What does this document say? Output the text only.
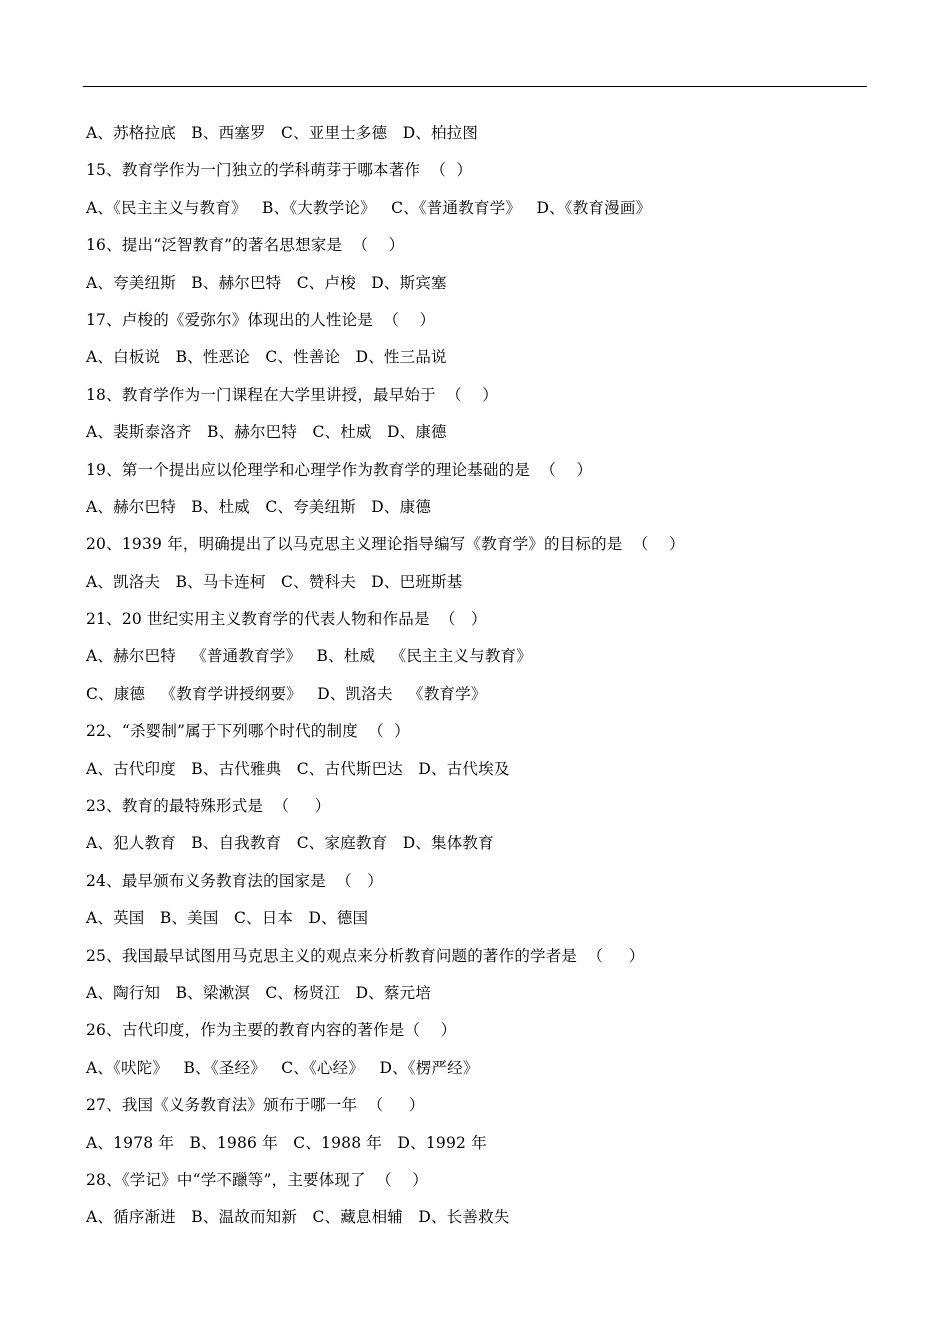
A、苏格拉底   B、西塞罗   C、亚里士多德   D、柏拉图
15、教育学作为一门独立的学科萌芽于哪本著作  （  ）
A、《民主主义与教育》   B、《大教学论》   C、《普通教育学》   D、《教育漫画》
16、提出“泛智教育”的著名思想家是  （    ）
A、夸美纽斯   B、赫尔巴特   C、卢梭   D、斯宾塞
17、卢梭的《爱弥尔》体现出的人性论是  （    ）
A、白板说   B、性恶论   C、性善论   D、性三品说
18、教育学作为一门课程在大学里讲授，最早始于  （    ）
A、裴斯泰洛齐   B、赫尔巴特   C、杜威   D、康德
19、第一个提出应以伦理学和心理学作为教育学的理论基础的是  （    ）
A、赫尔巴特   B、杜威   C、夸美纽斯   D、康德
20、1939 年，明确提出了以马克思主义理论指导编写《教育学》的目标的是  （    ）
A、凯洛夫   B、马卡连柯   C、赞科夫   D、巴班斯基
21、20 世纪实用主义教育学的代表人物和作品是  （   ）
A、赫尔巴特   《普通教育学》   B、杜威   《民主主义与教育》
C、康德   《教育学讲授纲要》   D、凯洛夫   《教育学》
22、“杀婴制”属于下列哪个时代的制度  （  ）
A、古代印度   B、古代雅典   C、古代斯巴达   D、古代埃及
23、教育的最特殊形式是  （     ）
A、犯人教育   B、自我教育   C、家庭教育   D、集体教育
24、最早颁布义务教育法的国家是  （   ）
A、英国   B、美国   C、日本   D、德国
25、我国最早试图用马克思主义的观点来分析教育问题的著作的学者是  （     ）
A、陶行知   B、梁漱溟   C、杨贤江   D、蔡元培
26、古代印度，作为主要的教育内容的著作是（    ）
A、《吠陀》   B、《圣经》   C、《心经》   D、《楞严经》
27、我国《义务教育法》颁布于哪一年  （     ）
A、1978 年   B、1986 年   C、1988 年   D、1992 年
28、《学记》中“学不躐等”，主要体现了  （    ）
A、循序渐进   B、温故而知新   C、藏息相辅   D、长善救失
